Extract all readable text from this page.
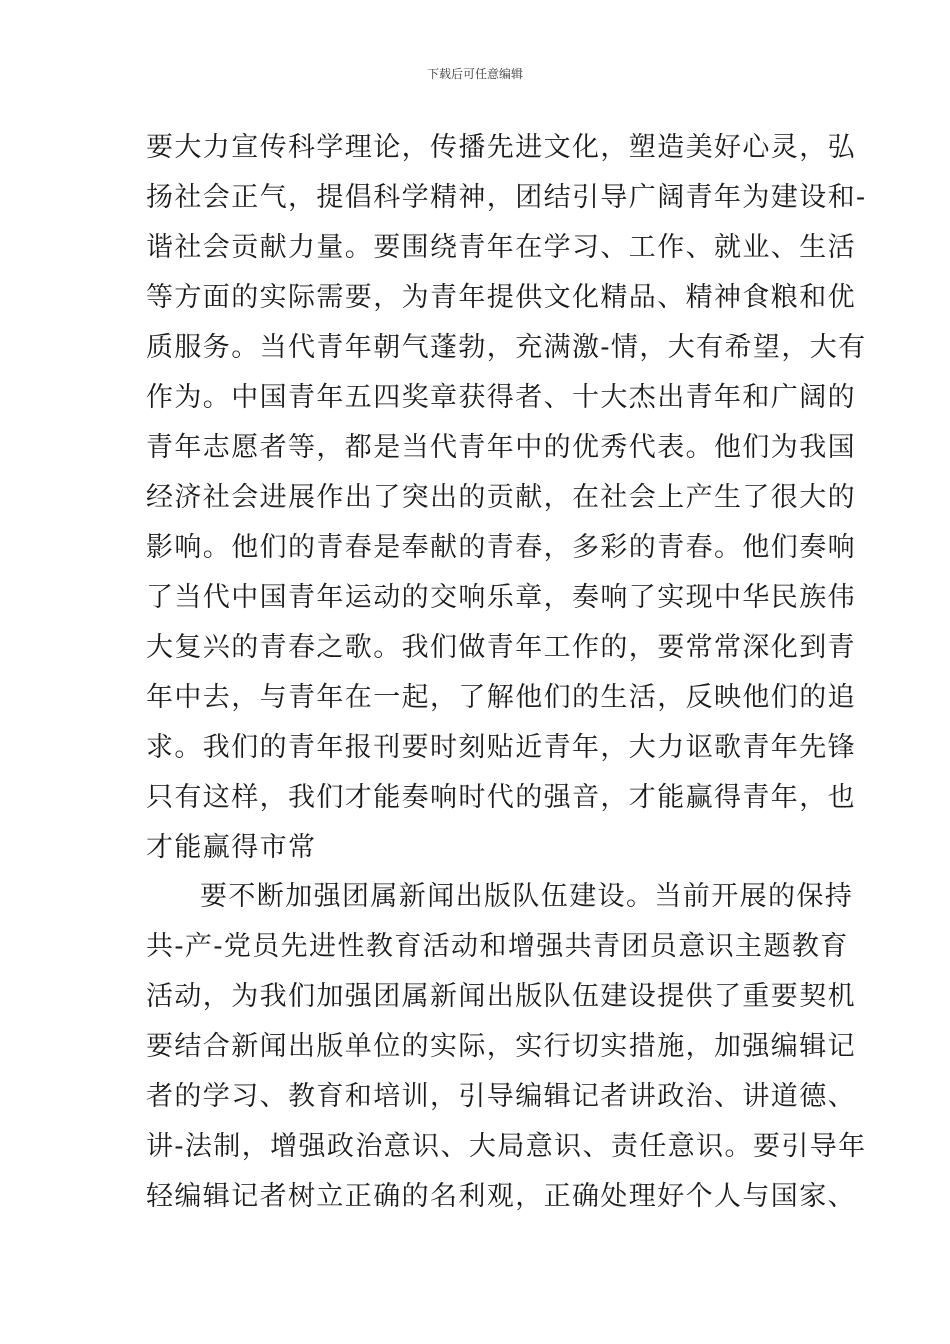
下载后可任意编辑
要大力宣传科学理论，传播先进文化，塑造美好心灵，弘
扬社会正气，提倡科学精神，团结引导广阔青年为建设和-
谐社会贡献力量。要围绕青年在学习、工作、就业、生活
等方面的实际需要，为青年提供文化精品、精神食粮和优
质服务。当代青年朝气蓬勃，充满激-情，大有希望，大有
作为。中国青年五四奖章获得者、十大杰出青年和广阔的
青年志愿者等，都是当代青年中的优秀代表。他们为我国
经济社会进展作出了突出的贡献，在社会上产生了很大的
影响。他们的青春是奉献的青春，多彩的青春。他们奏响
了当代中国青年运动的交响乐章，奏响了实现中华民族伟
大复兴的青春之歌。我们做青年工作的，要常常深化到青
年中去，与青年在一起，了解他们的生活，反映他们的追
求。我们的青年报刊要时刻贴近青年，大力讴歌青年先锋
只有这样，我们才能奏响时代的强音，才能赢得青年，也
才能赢得市常
要不断加强团属新闻出版队伍建设。当前开展的保持
共-产-党员先进性教育活动和增强共青团员意识主题教育
活动，为我们加强团属新闻出版队伍建设提供了重要契机
要结合新闻出版单位的实际，实行切实措施，加强编辑记
者的学习、教育和培训，引导编辑记者讲政治、讲道德、
讲-法制，增强政治意识、大局意识、责任意识。要引导年
轻编辑记者树立正确的名利观，正确处理好个人与国家、
